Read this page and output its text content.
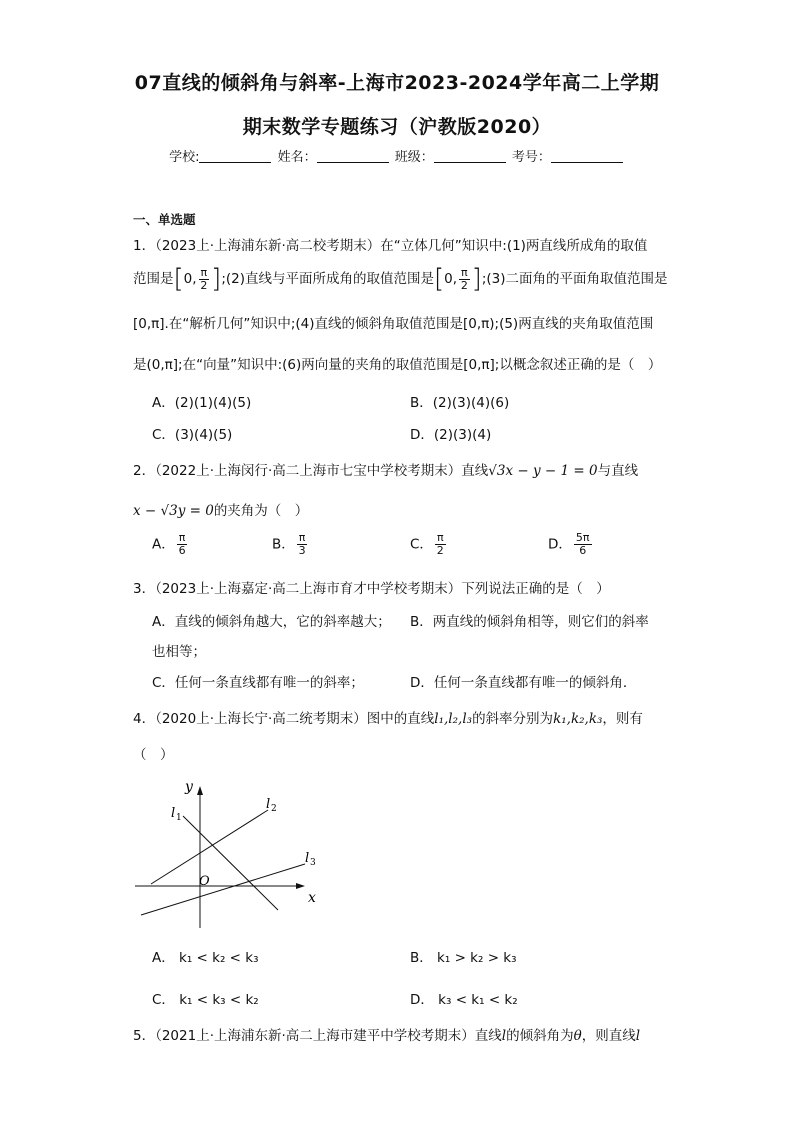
07直线的倾斜角与斜率-上海市2023-2024学年高二上学期
期末数学专题练习（沪教版2020）
学校:	姓名：	班级：	考号：
一、单选题
1．（2023上·上海浦东新·高二校考期末）在“立体几何”知识中:(1)两直线所成角的取值
范围是 [ 0, $\frac{\pi}{2}$ ] ;(2)直线与平面所成角的取值范围是 [ 0, $\frac{\pi}{2}$ ] ;(3)二面角的平面角取值范围是
[0,π].在“解析几何”知识中;(4)直线的倾斜角取值范围是[0,π);(5)两直线的夹角取值范围
是(0,π];在“向量”知识中:(6)两向量的夹角的取值范围是[0,π];以概念叙述正确的是（　）
A．(2)(1)(4)(5)	B．(2)(3)(4)(6)
C．(3)(4)(5)	D．(2)(3)(4)
2．（2022上·上海闵行·高二上海市七宝中学校考期末）直线√3x − y − 1 = 0与直线
x − √3y = 0的夹角为（　）
A． $\frac{\pi}{6}$	B． $\frac{\pi}{3}$	C． $\frac{\pi}{2}$	D． $\frac{5\pi}{6}$
3．（2023上·上海嘉定·高二上海市育才中学校考期末）下列说法正确的是（　）
A．直线的倾斜角越大，它的斜率越大； B．两直线的倾斜角相等，则它们的斜率
也相等；
C．任何一条直线都有唯一的斜率；	D．任何一条直线都有唯一的倾斜角．
4．（2020上·上海长宁·高二统考期末）图中的直线l₁,l₂,l₃的斜率分别为k₁,k₂,k₃，则有
（　）
y
x
O
l 1
l 2
l 3
A． k₁ < k₂ < k₃	B． k₁ > k₂ > k₃
C． k₁ < k₃ < k₂	D． k₃ < k₁ < k₂
5．（2021上·上海浦东新·高二上海市建平中学校考期末）直线l的倾斜角为θ，则直线l
